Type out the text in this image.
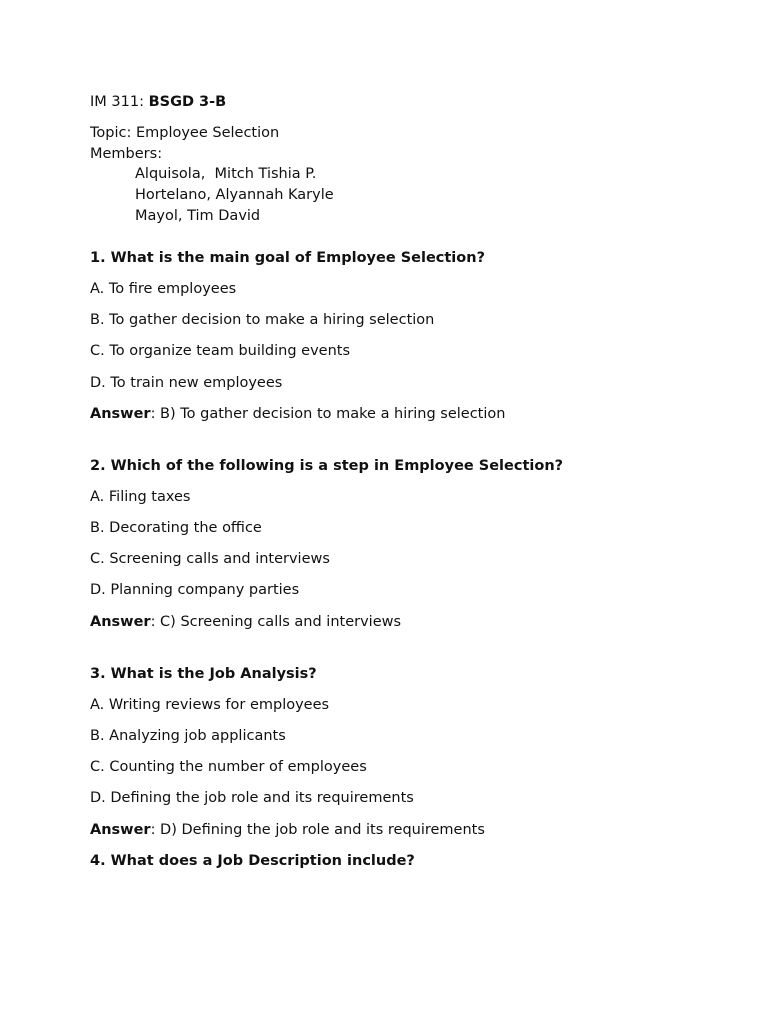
IM 311: BSGD 3-B
Topic: Employee Selection
Members:
Alquisola,  Mitch Tishia P.
Hortelano, Alyannah Karyle
Mayol, Tim David
1. What is the main goal of Employee Selection?
A. To fire employees
B. To gather decision to make a hiring selection
C. To organize team building events
D. To train new employees
Answer: B) To gather decision to make a hiring selection
2. Which of the following is a step in Employee Selection?
A. Filing taxes
B. Decorating the office
C. Screening calls and interviews
D. Planning company parties
Answer: C) Screening calls and interviews
3. What is the Job Analysis?
A. Writing reviews for employees
B. Analyzing job applicants
C. Counting the number of employees
D. Defining the job role and its requirements
Answer: D) Defining the job role and its requirements
4. What does a Job Description include?
